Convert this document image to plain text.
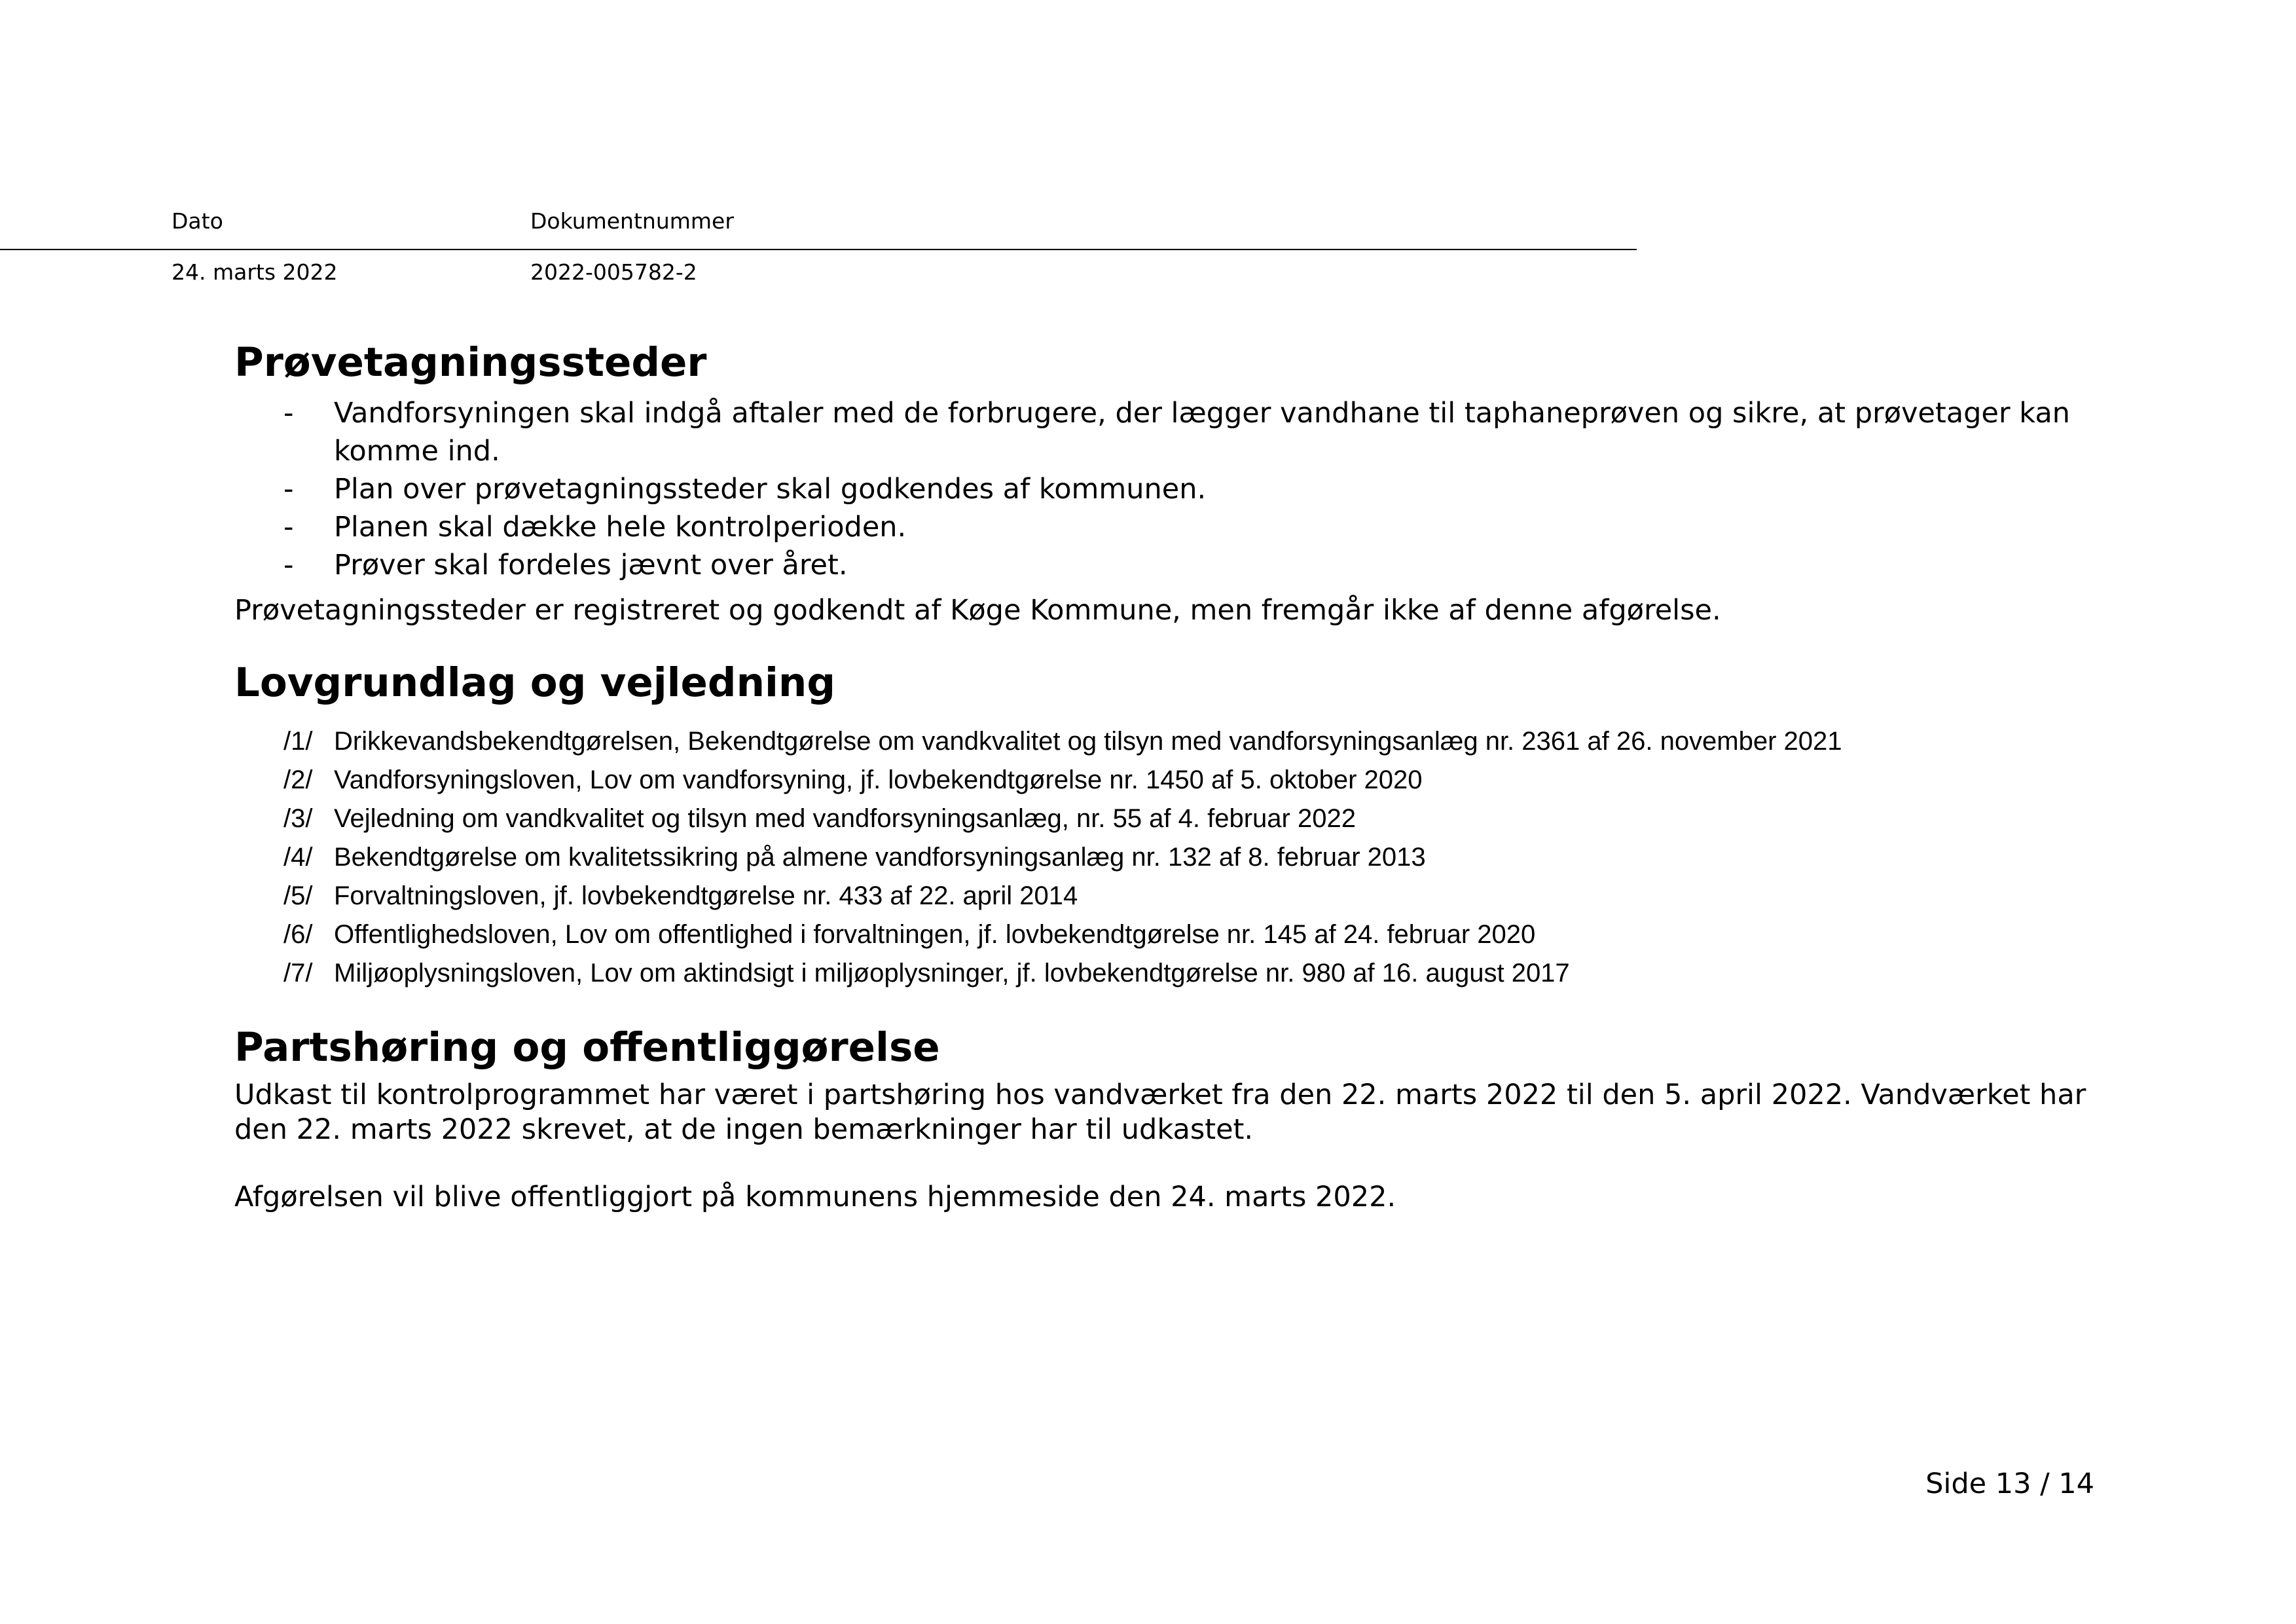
Dato	Dokumentnummer
24. marts 2022	2022-005782-2
Prøvetagningssteder
- Vandforsyningen skal indgå aftaler med de forbrugere, der lægger vandhane til taphaneprøven og sikre, at prøvetager kan komme ind.
- Plan over prøvetagningssteder skal godkendes af kommunen.
- Planen skal dække hele kontrolperioden.
- Prøver skal fordeles jævnt over året.

Prøvetagningssteder er registreret og godkendt af Køge Kommune, men fremgår ikke af denne afgørelse.

Lovgrundlag og vejledning
/1/ Drikkevandsbekendtgørelsen, Bekendtgørelse om vandkvalitet og tilsyn med vandforsyningsanlæg nr. 2361 af 26. november 2021
/2/ Vandforsyningsloven, Lov om vandforsyning, jf. lovbekendtgørelse nr. 1450 af 5. oktober 2020
/3/ Vejledning om vandkvalitet og tilsyn med vandforsyningsanlæg, nr. 55 af 4. februar 2022
/4/ Bekendtgørelse om kvalitetssikring på almene vandforsyningsanlæg nr. 132 af 8. februar 2013
/5/ Forvaltningsloven, jf. lovbekendtgørelse nr. 433 af 22. april 2014
/6/ Offentlighedsloven, Lov om offentlighed i forvaltningen, jf. lovbekendtgørelse nr. 145 af 24. februar 2020
/7/ Miljøoplysningsloven, Lov om aktindsigt i miljøoplysninger, jf. lovbekendtgørelse nr. 980 af 16. august 2017
Partshøring og offentliggørelse

Udkast til kontrolprogrammet har været i partshøring hos vandværket fra den 22. marts 2022 til den 5. april 2022. Vandværket har den 22. marts 2022 skrevet, at de ingen bemærkninger har til udkastet.

Afgørelsen vil blive offentliggjort på kommunens hjemmeside den 24. marts 2022.

Side 13 / 14
